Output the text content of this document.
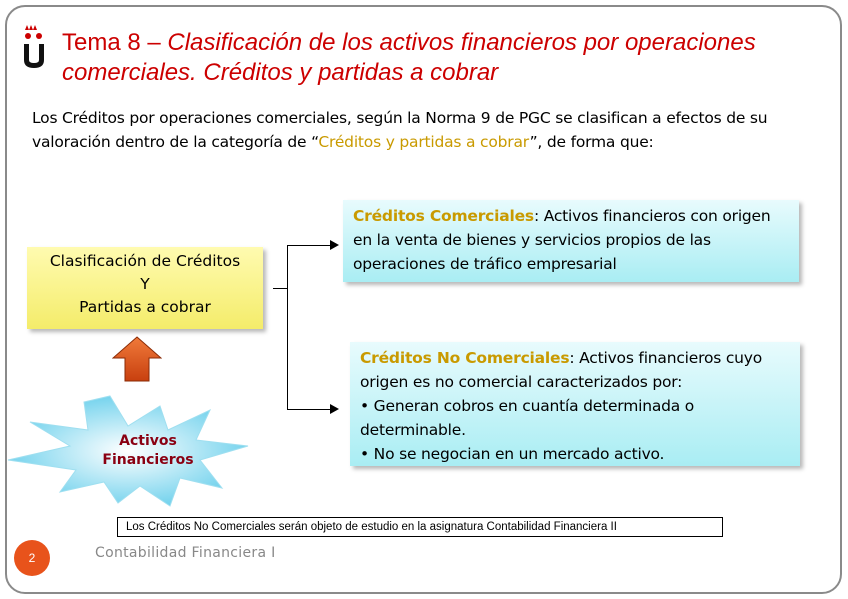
Tema 8 – Clasificación de los activos financieros por operaciones comerciales. Créditos y partidas a cobrar
Los Créditos por operaciones comerciales, según la Norma 9 de PGC se clasifican a efectos de su valoración dentro de la categoría de “Créditos y partidas a cobrar”, de forma que:
Clasificación de Créditos
Y
Partidas a cobrar
Créditos Comerciales: Activos financieros con origen en la venta de bienes y servicios propios de las operaciones de tráfico empresarial
Créditos No Comerciales: Activos financieros cuyo origen es no comercial caracterizados por:
• Generan cobros en cuantía determinada o determinable.
• No se negocian en un mercado activo.
Activos
Financieros
Los Créditos No Comerciales serán objeto de estudio en la asignatura Contabilidad Financiera II
2	Contabilidad Financiera I
